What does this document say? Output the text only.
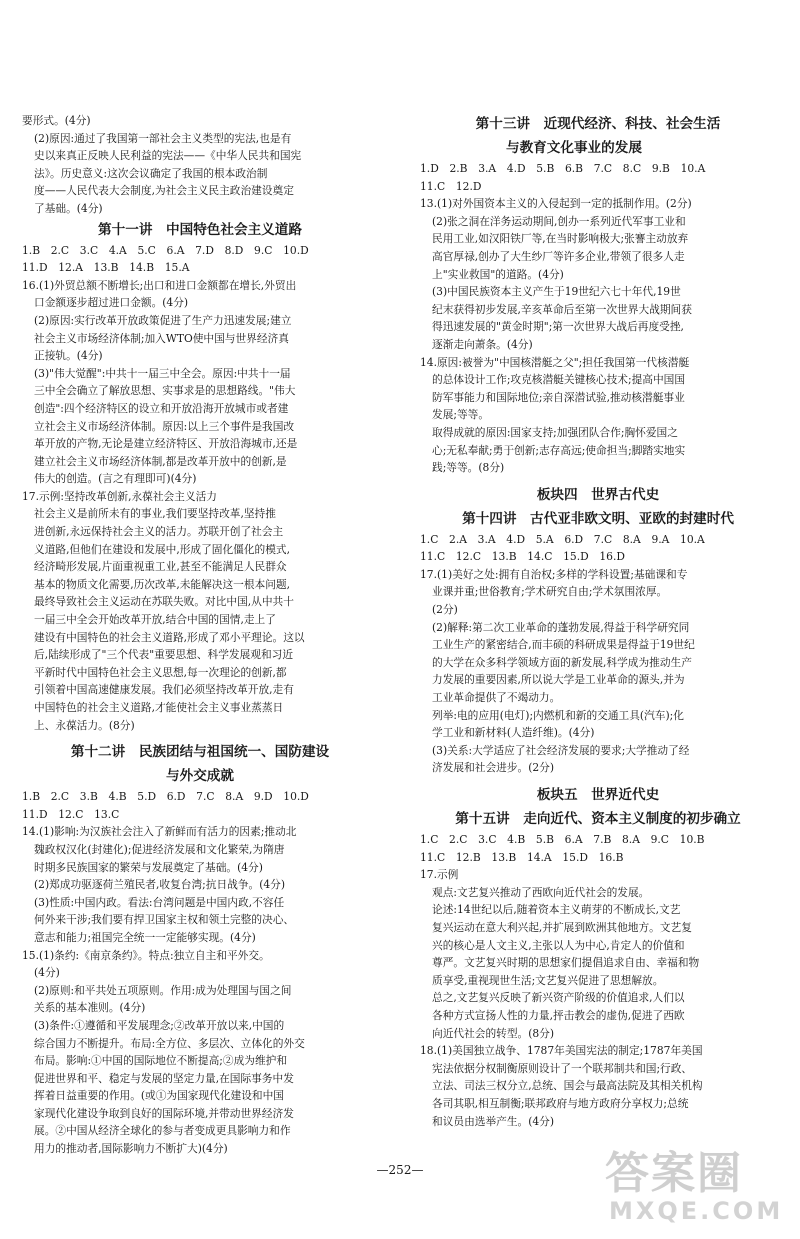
要形式。(4分)
(2)原因:通过了我国第一部社会主义类型的宪法,也是有
史以来真正反映人民利益的宪法——《中华人民共和国宪
法》。历史意义:这次会议确定了我国的根本政治制
度——人民代表大会制度,为社会主义民主政治建设奠定
了基础。(4分)
第十一讲　中国特色社会主义道路
1.B　2.C　3.C　4.A　5.C　6.A　7.D　8.D　9.C　10.D
11.D　12.A　13.B　14.B　15.A
16.(1)外贸总额不断增长;出口和进口金额都在增长,外贸出
口金额逐步超过进口金额。(4分)
(2)原因:实行改革开放政策促进了生产力迅速发展;建立
社会主义市场经济体制;加入WTO使中国与世界经济真
正接轨。(4分)
(3)"伟大觉醒":中共十一届三中全会。原因:中共十一届
三中全会确立了解放思想、实事求是的思想路线。"伟大
创造":四个经济特区的设立和开放沿海开放城市或者建
立社会主义市场经济体制。原因:以上三个事件是我国改
革开放的产物,无论是建立经济特区、开放沿海城市,还是
建立社会主义市场经济体制,都是改革开放中的创新,是
伟大的创造。(言之有理即可)(4分)
17.示例:坚持改革创新,永葆社会主义活力
社会主义是前所未有的事业,我们要坚持改革,坚持推
进创新,永远保持社会主义的活力。苏联开创了社会主
义道路,但他们在建设和发展中,形成了固化僵化的模式,
经济畸形发展,片面重视重工业,甚至不能满足人民群众
基本的物质文化需要,历次改革,未能解决这一根本问题,
最终导致社会主义运动在苏联失败。对比中国,从中共十
一届三中全会开始改革开放,结合中国的国情,走上了
建设有中国特色的社会主义道路,形成了邓小平理论。这以
后,陆续形成了"三个代表"重要思想、科学发展观和习近
平新时代中国特色社会主义思想,每一次理论的创新,都
引领着中国高速健康发展。我们必须坚持改革开放,走有
中国特色的社会主义道路,才能使社会主义事业蒸蒸日
上、永葆活力。(8分)
第十二讲　民族团结与祖国统一、国防建设
与外交成就
1.B　2.C　3.B　4.B　5.D　6.D　7.C　8.A　9.D　10.D
11.D　12.C　13.C
14.(1)影响:为汉族社会注入了新鲜而有活力的因素;推动北
魏政权汉化(封建化);促进经济发展和文化繁荣,为隋唐
时期多民族国家的繁荣与发展奠定了基础。(4分)
(2)郑成功驱逐荷兰殖民者,收复台湾;抗日战争。(4分)
(3)性质:中国内政。看法:台湾问题是中国内政,不容任
何外来干涉;我们要有捍卫国家主权和领土完整的决心、
意志和能力;祖国完全统一一定能够实现。(4分)
15.(1)条约:《南京条约》。特点:独立自主和平外交。
(4分)
(2)原则:和平共处五项原则。作用:成为处理国与国之间
关系的基本准则。(4分)
(3)条件:①遵循和平发展理念;②改革开放以来,中国的
综合国力不断提升。布局:全方位、多层次、立体化的外交
布局。影响:①中国的国际地位不断提高;②成为维护和
促进世界和平、稳定与发展的坚定力量,在国际事务中发
挥着日益重要的作用。(或①为国家现代化建设和中国
家现代化建设争取到良好的国际环境,并带动世界经济发
展。②中国从经济全球化的参与者变成更具影响力和作
用力的推动者,国际影响力不断扩大)(4分)
第十三讲　近现代经济、科技、社会生活
与教育文化事业的发展
1.D　2.B　3.A　4.D　5.B　6.B　7.C　8.C　9.B　10.A
11.C　12.D
13.(1)对外国资本主义的入侵起到一定的抵制作用。(2分)
(2)张之洞在洋务运动期间,创办一系列近代军事工业和
民用工业,如汉阳铁厂等,在当时影响极大;张謇主动放弃
高官厚禄,创办了大生纱厂等许多企业,带领了很多人走
上"实业救国"的道路。(4分)
(3)中国民族资本主义产生于19世纪六七十年代,19世
纪末获得初步发展,辛亥革命后至第一次世界大战期间获
得迅速发展的"黄金时期";第一次世界大战后再度受挫,
逐渐走向萧条。(4分)
14.原因:被誉为"中国核潜艇之父";担任我国第一代核潜艇
的总体设计工作;攻克核潜艇关键核心技术;提高中国国
防军事能力和国际地位;亲自深潜试验,推动核潜艇事业
发展;等等。
取得成就的原因:国家支持;加强团队合作;胸怀爱国之
心;无私奉献;勇于创新;志存高远;使命担当;脚踏实地实
践;等等。(8分)
板块四　世界古代史
第十四讲　古代亚非欧文明、亚欧的封建时代
1.C　2.A　3.A　4.D　5.A　6.D　7.C　8.A　9.A　10.A
11.C　12.C　13.B　14.C　15.D　16.D
17.(1)美好之处:拥有自治权;多样的学科设置;基础课和专
业课并重;世俗教育;学术研究自由;学术氛围浓厚。
(2分)
(2)解释:第二次工业革命的蓬勃发展,得益于科学研究同
工业生产的紧密结合,而丰硕的科研成果是得益于19世纪
的大学在众多科学领域方面的新发展,科学成为推动生产
力发展的重要因素,所以说大学是工业革命的源头,并为
工业革命提供了不竭动力。
列举:电的应用(电灯);内燃机和新的交通工具(汽车);化
学工业和新材料(人造纤维)。(4分)
(3)关系:大学适应了社会经济发展的要求;大学推动了经
济发展和社会进步。(2分)
板块五　世界近代史
第十五讲　走向近代、资本主义制度的初步确立
1.C　2.C　3.C　4.B　5.B　6.A　7.B　8.A　9.C　10.B
11.C　12.B　13.B　14.A　15.D　16.B
17.示例
观点:文艺复兴推动了西欧向近代社会的发展。
论述:14世纪以后,随着资本主义萌芽的不断成长,文艺
复兴运动在意大利兴起,并扩展到欧洲其他地方。文艺复
兴的核心是人文主义,主张以人为中心,肯定人的价值和
尊严。文艺复兴时期的思想家们提倡追求自由、幸福和物
质享受,重视现世生活;文艺复兴促进了思想解放。
总之,文艺复兴反映了新兴资产阶级的价值追求,人们以
各种方式宣扬人性的力量,抨击教会的虚伪,促进了西欧
向近代社会的转型。(8分)
18.(1)美国独立战争、1787年美国宪法的制定;1787年美国
宪法依据分权制衡原则设计了一个联邦制共和国;行政、
立法、司法三权分立,总统、国会与最高法院及其相关机构
各司其职,相互制衡;联邦政府与地方政府分享权力;总统
和议员由选举产生。(4分)
—252—	答案圈
MXQE.COM
